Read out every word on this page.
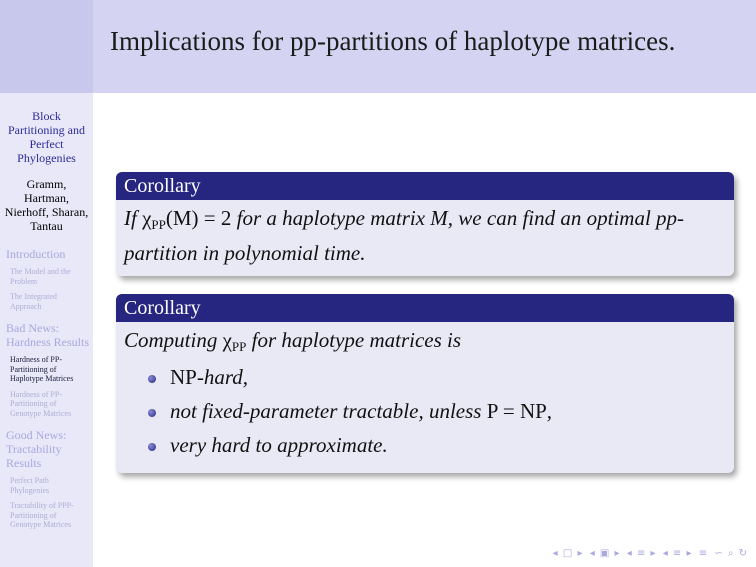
Implications for pp-partitions of haplotype matrices.
Block Partitioning and Perfect Phylogenies
Gramm, Hartman, Nierhoff, Sharan, Tantau
Introduction
The Model and the Problem
The Integrated Approach
Bad News: Hardness Results
Hardness of PP-Partitioning of Haplotype Matrices
Hardness of PP-Partitioning of Genotype Matrices
Good News: Tractability Results
Perfect Path Phylogenies
Tractability of PPP-Partitioning of Genotype Matrices
Corollary
If $\chi_{PP}(M) = 2$ for a haplotype matrix M, we can find an optimal pp-partition in polynomial time.
Corollary
Computing $\chi_{PP}$ for haplotype matrices is
NP-hard,
not fixed-parameter tractable, unless P = NP,
very hard to approximate.
◂ □ ▸ ◂ ▣ ▸ ◂ ≡ ▸ ◂ ≡ ▸ ≡ ∽ ⌕ ↻
